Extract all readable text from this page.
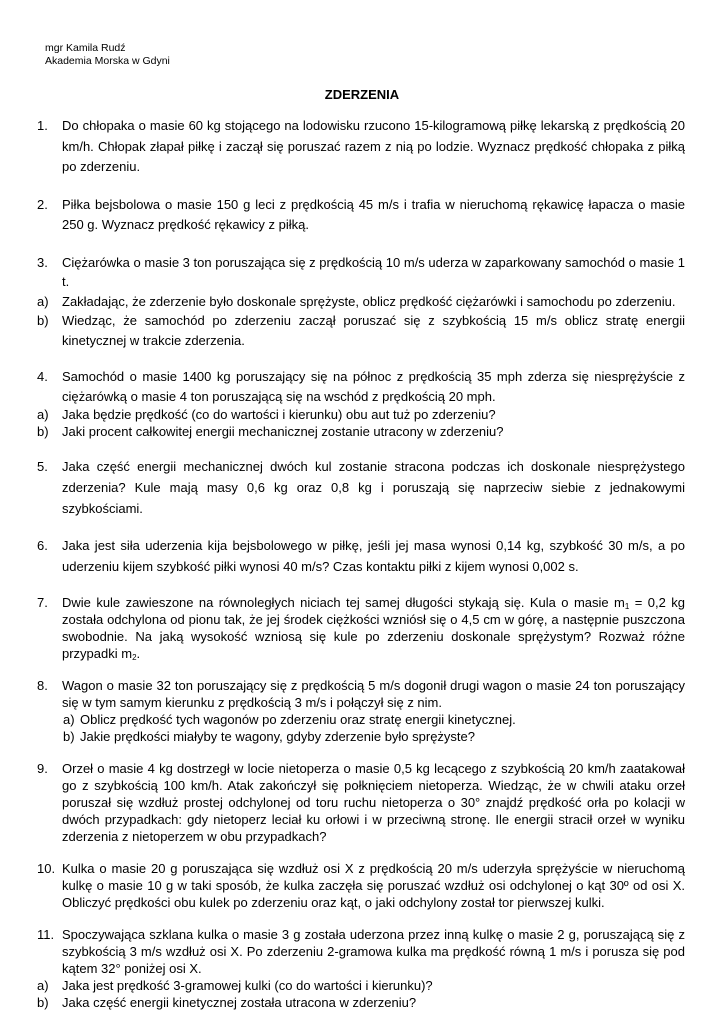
mgr Kamila Rudź
Akademia Morska w Gdyni
ZDERZENIA
1. Do chłopaka o masie 60 kg stojącego na lodowisku rzucono 15-kilogramową piłkę lekarską z prędkością 20 km/h. Chłopak złapał piłkę i zaczął się poruszać razem z nią po lodzie. Wyznacz prędkość chłopaka z piłką po zderzeniu.
2. Piłka bejsbolowa o masie 150 g leci z prędkością 45 m/s i trafia w nieruchomą rękawicę łapacza o masie 250 g. Wyznacz prędkość rękawicy z piłką.
3. Ciężarówka o masie 3 ton poruszająca się z prędkością 10 m/s uderza w zaparkowany samochód o masie 1 t.
a) Zakładając, że zderzenie było doskonale sprężyste, oblicz prędkość ciężarówki i samochodu po zderzeniu.
b) Wiedząc, że samochód po zderzeniu zaczął poruszać się z szybkością 15 m/s oblicz stratę energii kinetycznej w trakcie zderzenia.
4. Samochód o masie 1400 kg poruszający się na północ z prędkością 35 mph zderza się niesprężyście z ciężarówką o masie 4 ton poruszającą się na wschód z prędkością 20 mph.
a) Jaka będzie prędkość (co do wartości i kierunku) obu aut tuż po zderzeniu?
b) Jaki procent całkowitej energii mechanicznej zostanie utracony w zderzeniu?
5. Jaka część energii mechanicznej dwóch kul zostanie stracona podczas ich doskonale niesprężystego zderzenia? Kule mają masy 0,6 kg oraz 0,8 kg i poruszają się naprzeciw siebie z jednakowymi szybkościami.
6. Jaka jest siła uderzenia kija bejsbolowego w piłkę, jeśli jej masa wynosi 0,14 kg, szybkość 30 m/s, a po uderzeniu kijem szybkość piłki wynosi 40 m/s? Czas kontaktu piłki z kijem wynosi 0,002 s.
7. Dwie kule zawieszone na równoległych niciach tej samej długości stykają się. Kula o masie $m_1 = 0,2$ kg została odchylona od pionu tak, że jej środek ciężkości wzniósł się o 4,5 cm w górę, a następnie puszczona swobodnie. Na jaką wysokość wzniosą się kule po zderzeniu doskonale sprężystym? Rozważ różne przypadki $m_2$.
8. Wagon o masie 32 ton poruszający się z prędkością 5 m/s dogonił drugi wagon o masie 24 ton poruszający się w tym samym kierunku z prędkością 3 m/s i połączył się z nim.
a) Oblicz prędkość tych wagonów po zderzeniu oraz stratę energii kinetycznej.
b) Jakie prędkości miałyby te wagony, gdyby zderzenie było sprężyste?
9. Orzeł o masie 4 kg dostrzegł w locie nietoperza o masie 0,5 kg lecącego z szybkością 20 km/h zaatakował go z szybkością 100 km/h. Atak zakończył się połknięciem nietoperza. Wiedząc, że w chwili ataku orzeł poruszał się wzdłuż prostej odchylonej od toru ruchu nietoperza o 30° znajdź prędkość orła po kolacji w dwóch przypadkach: gdy nietoperz leciał ku orłowi i w przeciwną stronę. Ile energii stracił orzeł w wyniku zderzenia z nietoperzem w obu przypadkach?
10. Kulka o masie 20 g poruszająca się wzdłuż osi X z prędkością 20 m/s uderzyła sprężyście w nieruchomą kulkę o masie 10 g w taki sposób, że kulka zaczęła się poruszać wzdłuż osi odchylonej o kąt 30º od osi X. Obliczyć prędkości obu kulek po zderzeniu oraz kąt, o jaki odchylony został tor pierwszej kulki.
11. Spoczywająca szklana kulka o masie 3 g została uderzona przez inną kulkę o masie 2 g, poruszającą się z szybkością 3 m/s wzdłuż osi X. Po zderzeniu 2-gramowa kulka ma prędkość równą 1 m/s i porusza się pod kątem 32° poniżej osi X.
a) Jaka jest prędkość 3-gramowej kulki (co do wartości i kierunku)?
b) Jaka część energii kinetycznej została utracona w zderzeniu?
